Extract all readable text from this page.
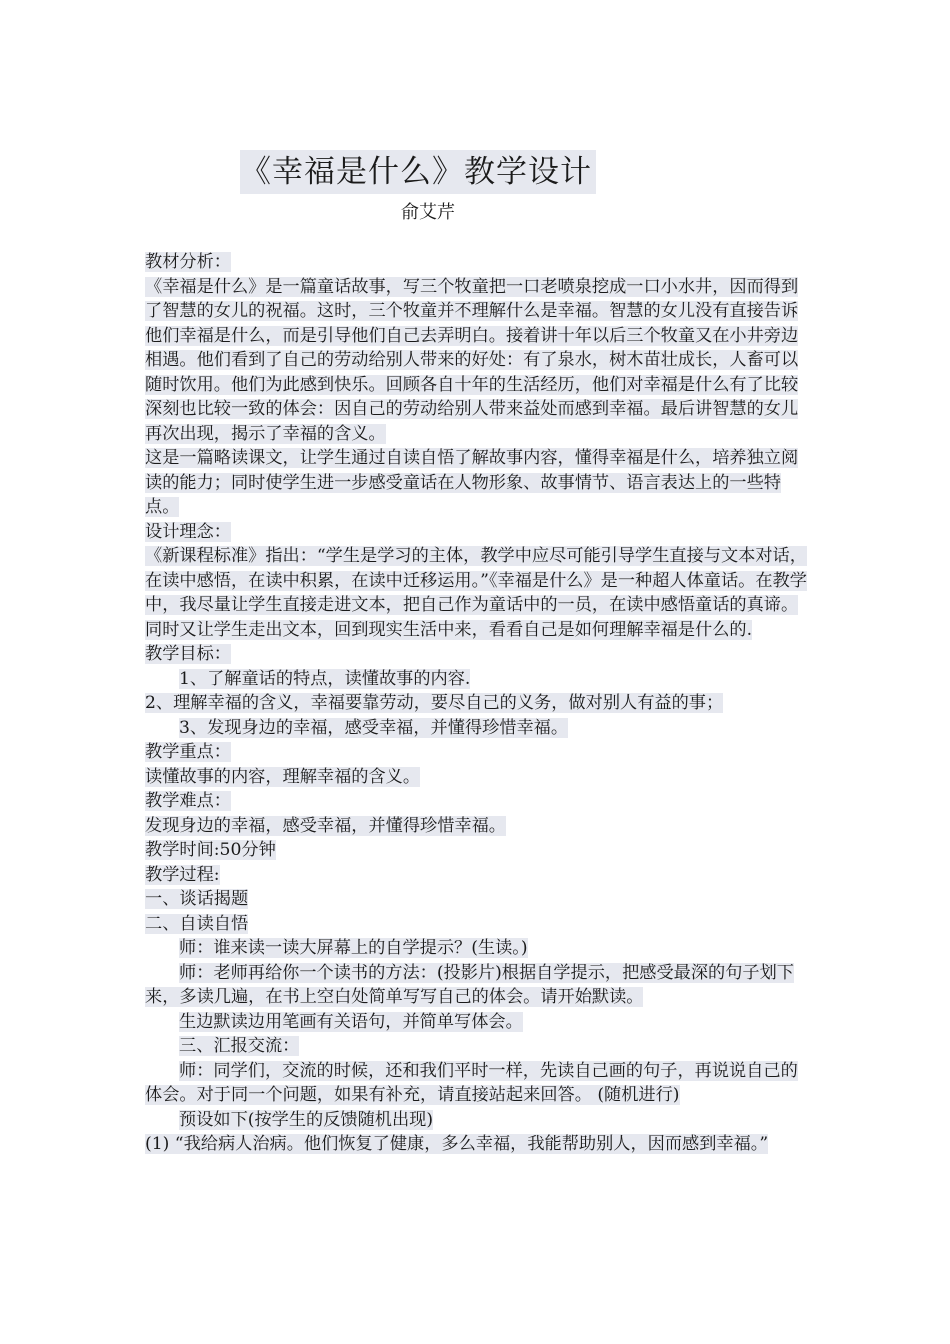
《幸福是什么》教学设计
俞艾芹

教材分析：

《幸福是什么》是一篇童话故事，写三个牧童把一口老喷泉挖成一口小水井，因而得到了智慧的女儿的祝福。这时，三个牧童并不理解什么是幸福。智慧的女儿没有直接告诉他们幸福是什么，而是引导他们自己去弄明白。接着讲十年以后三个牧童又在小井旁边相遇。他们看到了自己的劳动给别人带来的好处：有了泉水，树木苗壮成长，人畜可以随时饮用。他们为此感到快乐。回顾各自十年的生活经历，他们对幸福是什么有了比较深刻也比较一致的体会：因自己的劳动给别人带来益处而感到幸福。最后讲智慧的女儿再次出现，揭示了幸福的含义。

这是一篇略读课文，让学生通过自读自悟了解故事内容，懂得幸福是什么，培养独立阅读的能力；同时使学生进一步感受童话在人物形象、故事情节、语言表达上的一些特点。

设计理念：

《新课程标准》指出：“学生是学习的主体，教学中应尽可能引导学生直接与文本对话，在读中感悟，在读中积累，在读中迁移运用。”《幸福是什么》是一种超人体童话。在教学中，我尽量让学生直接走进文本，把自己作为童话中的一员，在读中感悟童话的真谛。同时又让学生走出文本，回到现实生活中来，看看自己是如何理解幸福是什么的.

教学目标：

1、了解童话的特点，读懂故事的内容.

2、理解幸福的含义，幸福要靠劳动，要尽自己的义务，做对别人有益的事；

3、发现身边的幸福，感受幸福，并懂得珍惜幸福。

教学重点：

读懂故事的内容，理解幸福的含义。

教学难点：

发现身边的幸福，感受幸福，并懂得珍惜幸福。

教学时间:50分钟

教学过程:

一、谈话揭题

二、自读自悟

师：谁来读一读大屏幕上的自学提示？(生读。)

师：老师再给你一个读书的方法：(投影片)根据自学提示，把感受最深的句子划下来，多读几遍，在书上空白处简单写写自己的体会。请开始默读。

生边默读边用笔画有关语句，并简单写体会。

三、汇报交流：

师：同学们，交流的时候，还和我们平时一样，先读自己画的句子，再说说自己的体会。对于同一个问题，如果有补充，请直接站起来回答。 (随机进行)

预设如下(按学生的反馈随机出现)

(1) “我给病人治病。他们恢复了健康，多么幸福，我能帮助别人，因而感到幸福。”
